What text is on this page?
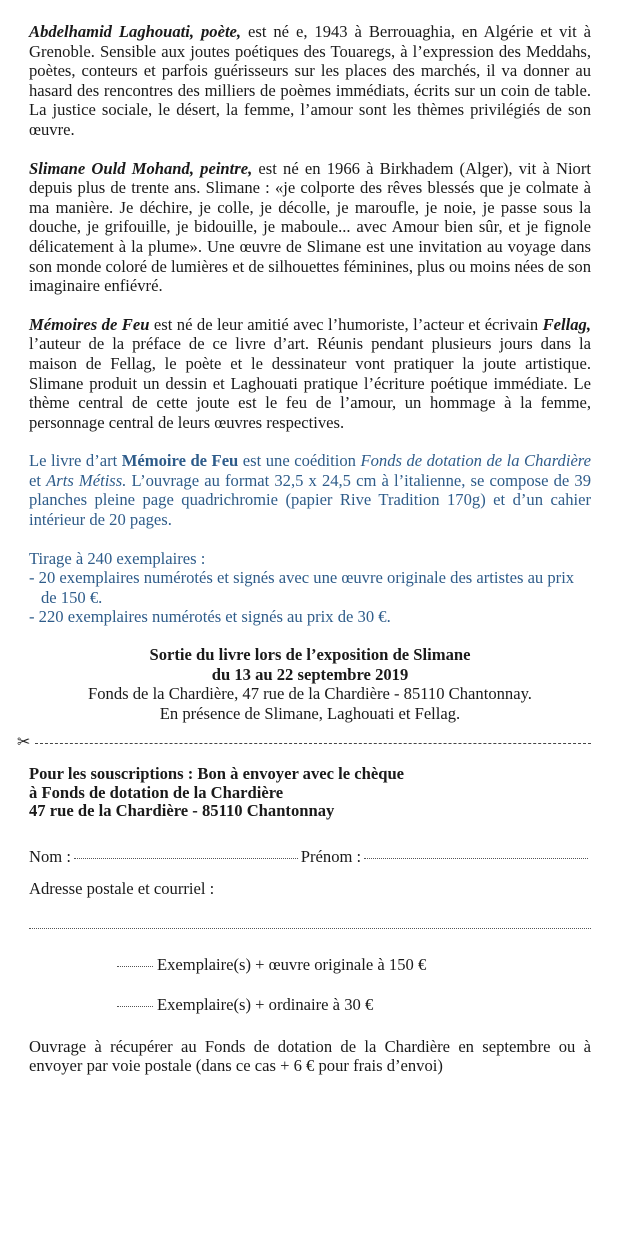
Abdelhamid Laghouati, poète, est né e, 1943 à Berrouaghia, en Algérie et vit à Grenoble. Sensible aux joutes poétiques des Touaregs, à l’expression des Meddahs, poètes, conteurs et parfois guérisseurs sur les places des marchés, il va donner au hasard des rencontres des milliers de poèmes immédiats, écrits sur un coin de table. La justice sociale, le désert, la femme, l’amour sont les thèmes privilégiés de son œuvre.

Slimane Ould Mohand, peintre, est né en 1966 à Birkhadem (Alger), vit à Niort depuis plus de trente ans. Slimane : «je colporte des rêves blessés que je colmate à ma manière. Je déchire, je colle, je décolle, je maroufle, je noie, je passe sous la douche, je grifouille, je bidouille, je maboule... avec Amour bien sûr, et je fignole délicatement à la plume». Une œuvre de Slimane est une invitation au voyage dans son monde coloré de lumières et de silhouettes féminines, plus ou moins nées de son imaginaire enfiévré.

Mémoires de Feu est né de leur amitié avec l’humoriste, l’acteur et écrivain Fellag, l’auteur de la préface de ce livre d’art. Réunis pendant plusieurs jours dans la maison de Fellag, le poète et le dessinateur vont pratiquer la joute artistique. Slimane produit un dessin et Laghouati pratique l’écriture poétique immédiate. Le thème central de cette joute est le feu de l’amour, un hommage à la femme, personnage central de leurs œuvres respectives.

Le livre d’art Mémoire de Feu est une coédition Fonds de dotation de la Chardière et Arts Métiss. L’ouvrage au format 32,5 x 24,5 cm à l’italienne, se compose de 39 planches pleine page quadrichromie (papier Rive Tradition 170g) et d’un cahier intérieur de 20 pages.

Tirage à 240 exemplaires :
- 20 exemplaires numérotés et signés avec une œuvre originale des artistes au prix de 150 €.
- 220 exemplaires numérotés et signés au prix de 30 €.
Sortie du livre lors de l’exposition de Slimane
du 13 au 22 septembre 2019
Fonds de la Chardière, 47 rue de la Chardière - 85110 Chantonnay.
En présence de Slimane, Laghouati et Fellag.
✂
Pour les souscriptions : Bon à envoyer avec le chèque
à Fonds de dotation de la Chardière
47 rue de la Chardière - 85110 Chantonnay
Nom :	Prénom :
Adresse postale et courriel :
Exemplaire(s) + œuvre originale à 150 €
Exemplaire(s) + ordinaire à 30 €

Ouvrage à récupérer au Fonds de dotation de la Chardière en septembre ou à envoyer par voie postale (dans ce cas + 6 € pour frais d’envoi)
